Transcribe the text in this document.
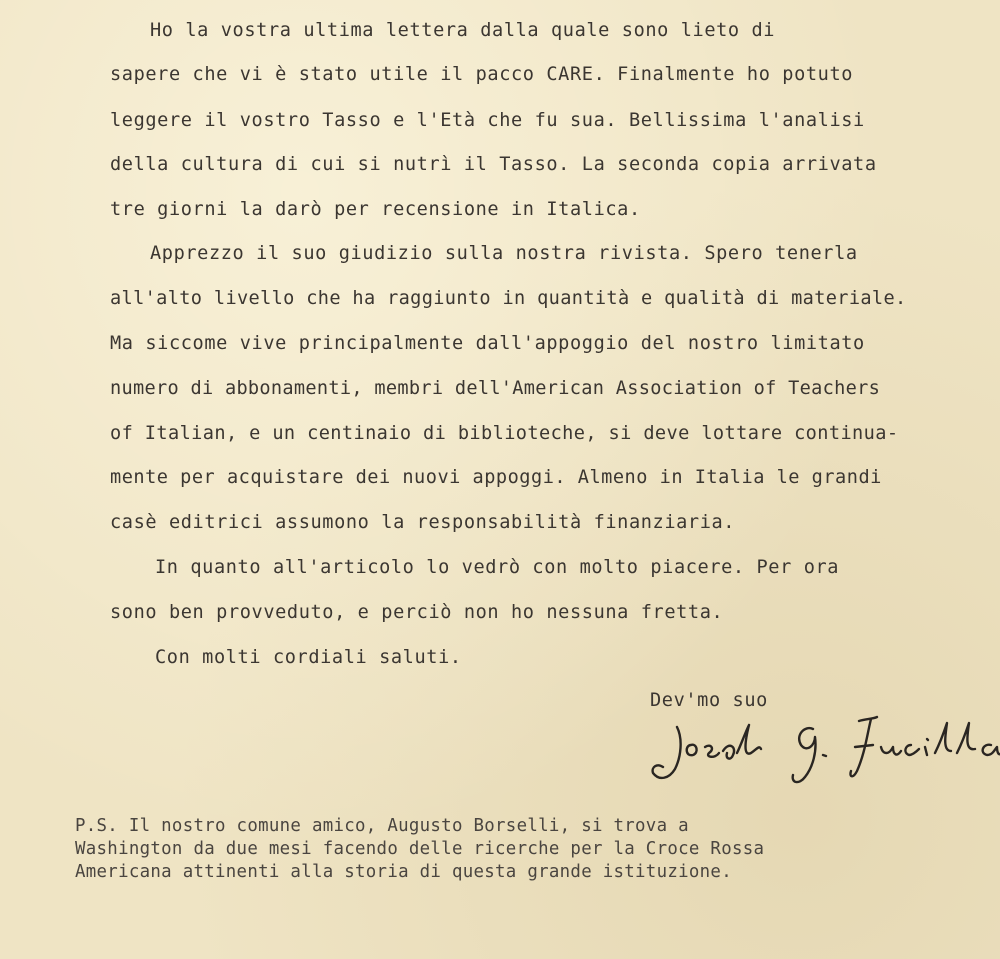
Ho la vostra ultima lettera dalla quale sono lieto di
sapere che vi è stato utile il pacco CARE. Finalmente ho potuto
leggere il vostro Tasso e l'Età che fu sua. Bellissima l'analisi
della cultura di cui si nutrì il Tasso. La seconda copia arrivata
tre giorni la darò per recensione in Italica.
Apprezzo il suo giudizio sulla nostra rivista. Spero tenerla
all'alto livello che ha raggiunto in quantità e qualità di materiale.
Ma siccome vive principalmente dall'appoggio del nostro limitato
numero di abbonamenti, membri dell'American Association of Teachers
of Italian, e un centinaio di biblioteche, si deve lottare continua-
mente per acquistare dei nuovi appoggi. Almeno in Italia le grandi
casè editrici assumono la responsabilità finanziaria.
In quanto all'articolo lo vedrò con molto piacere. Per ora
sono ben provveduto, e perciò non ho nessuna fretta.
Con molti cordiali saluti.
Dev'mo suo
P.S. Il nostro comune amico, Augusto Borselli, si trova a
Washington da due mesi facendo delle ricerche per la Croce Rossa
Americana attinenti alla storia di questa grande istituzione.
